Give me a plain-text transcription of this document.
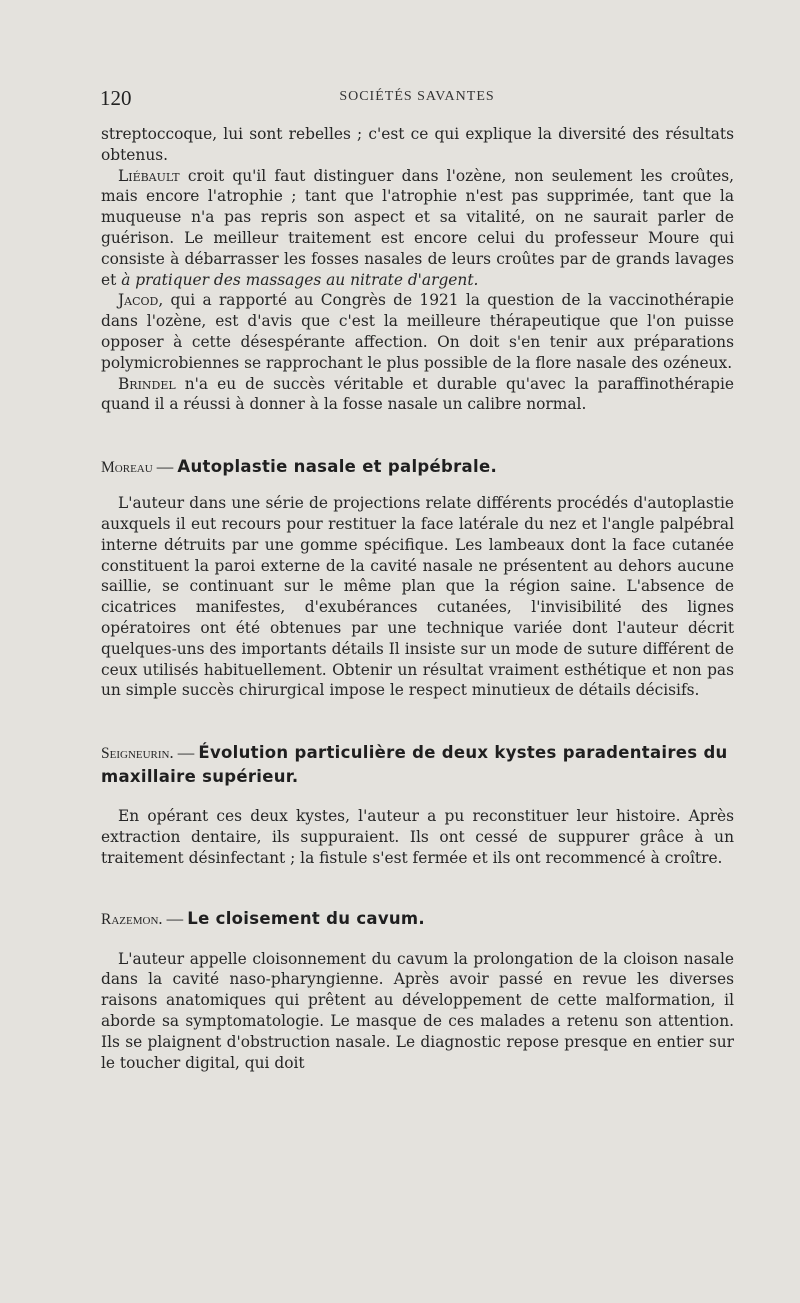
120	SOCIÉTÉS SAVANTES

streptoccoque, lui sont rebelles ; c'est ce qui explique la diversité des résultats obtenus.

Liébault croit qu'il faut distinguer dans l'ozène, non seulement les croûtes, mais encore l'atrophie ; tant que l'atrophie n'est pas supprimée, tant que la muqueuse n'a pas repris son aspect et sa vitalité, on ne saurait parler de guérison. Le meilleur traitement est encore celui du professeur Moure qui consiste à débarrasser les fosses nasales de leurs croûtes par de grands lavages et à pratiquer des massages au nitrate d'argent.

Jacod, qui a rapporté au Congrès de 1921 la question de la vaccinothérapie dans l'ozène, est d'avis que c'est la meilleure thérapeutique que l'on puisse opposer à cette désespérante affection. On doit s'en tenir aux préparations polymicrobiennes se rapprochant le plus possible de la flore nasale des ozéneux.

Brindel n'a eu de succès véritable et durable qu'avec la paraffinothérapie quand il a réussi à donner à la fosse nasale un calibre normal.

Moreau — Autoplastie nasale et palpébrale.

L'auteur dans une série de projections relate différents procédés d'autoplastie auxquels il eut recours pour restituer la face latérale du nez et l'angle palpébral interne détruits par une gomme spécifique. Les lambeaux dont la face cutanée constituent la paroi externe de la cavité nasale ne présentent au dehors aucune saillie, se continuant sur le même plan que la région saine. L'absence de cicatrices manifestes, d'exubérances cutanées, l'invisibilité des lignes opératoires ont été obtenues par une technique variée dont l'auteur décrit quelques-uns des importants détails Il insiste sur un mode de suture différent de ceux utilisés habituellement. Obtenir un résultat vraiment esthétique et non pas un simple succès chirurgical impose le respect minutieux de détails décisifs.

Seigneurin. — Évolution particulière de deux kystes paradentaires du maxillaire supérieur.

En opérant ces deux kystes, l'auteur a pu reconstituer leur histoire. Après extraction dentaire, ils suppuraient. Ils ont cessé de suppurer grâce à un traitement désinfectant ; la fistule s'est fermée et ils ont recommencé à croître.

Razemon. — Le cloisement du cavum.

L'auteur appelle cloisonnement du cavum la prolongation de la cloison nasale dans la cavité naso-pharyngienne. Après avoir passé en revue les diverses raisons anatomiques qui prêtent au développement de cette malformation, il aborde sa symptomatologie. Le masque de ces malades a retenu son attention. Ils se plaignent d'obstruction nasale. Le diagnostic repose presque en entier sur le toucher digital, qui doit
